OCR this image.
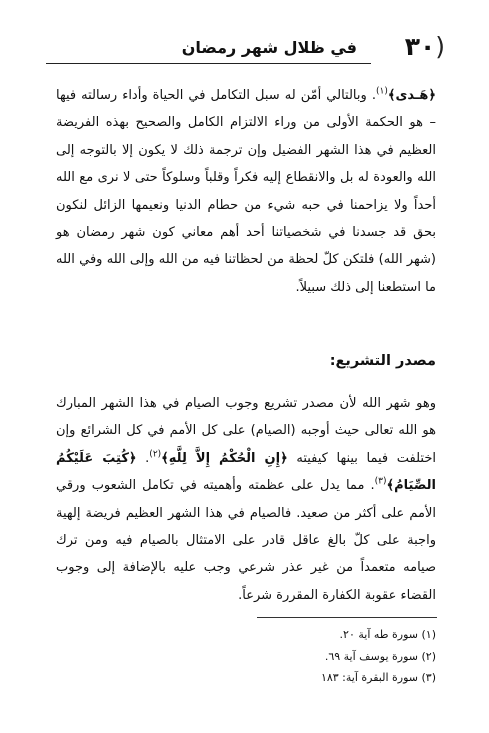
(٣٠
في ظلال شهر رمضان

﴿هَـدى﴾$^{(١)}$. وبالتالي أمّن له سبل التكامل في الحياة وأداء رسالته فيها – هو الحكمة الأولى من وراء الالتزام الكامل والصحيح بهذه الفريضة العظيم في هذا الشهر الفضيل وإن ترجمة ذلك لا يكون إلا بالتوجه إلى الله والعودة له بل والانقطاع إليه فكراً وقلباً وسلوكاً حتى لا نرى مع الله أحداً ولا يزاحمنا في حبه شيء من حطام الدنيا ونعيمها الزائل لنكون بحق قد جسدنا في شخصياتنا أحد أهم معاني كون شهر رمضان هو (شهر الله) فلتكن كلّ لحظة من لحظاتنا فيه من الله وإلى الله وفي الله ما استطعنا إلى ذلك سبيلاً.

مصدر التشريع:

وهو شهر الله لأن مصدر تشريع وجوب الصيام في هذا الشهر المبارك هو الله تعالى حيث أوجبه (الصيام) على كل الأمم في كل الشرائع وإن اختلفت فيما بينها كيفيته ﴿إِنِ الْحُكْمُ إِلاَّ لِلَّهِ﴾$^{(٢)}$. ﴿كُتِبَ عَلَيْكُمُ الصِّيَامُ﴾$^{(٣)}$. مما يدل على عظمته وأهميته في تكامل الشعوب ورقي الأمم على أكثر من صعيد. فالصيام في هذا الشهر العظيم فريضة إلهية واجبة على كلّ بالغ عاقل قادر على الامتثال بالصيام فيه ومن ترك صيامه متعمداً من غير عذر شرعي وجب عليه بالإضافة إلى وجوب القضاء عقوبة الكفارة المقررة شرعاً.

(١) سورة طه آية ٢٠.
(٢) سورة يوسف آية ٦٩.
(٣) سورة البقرة آية: ١٨٣
